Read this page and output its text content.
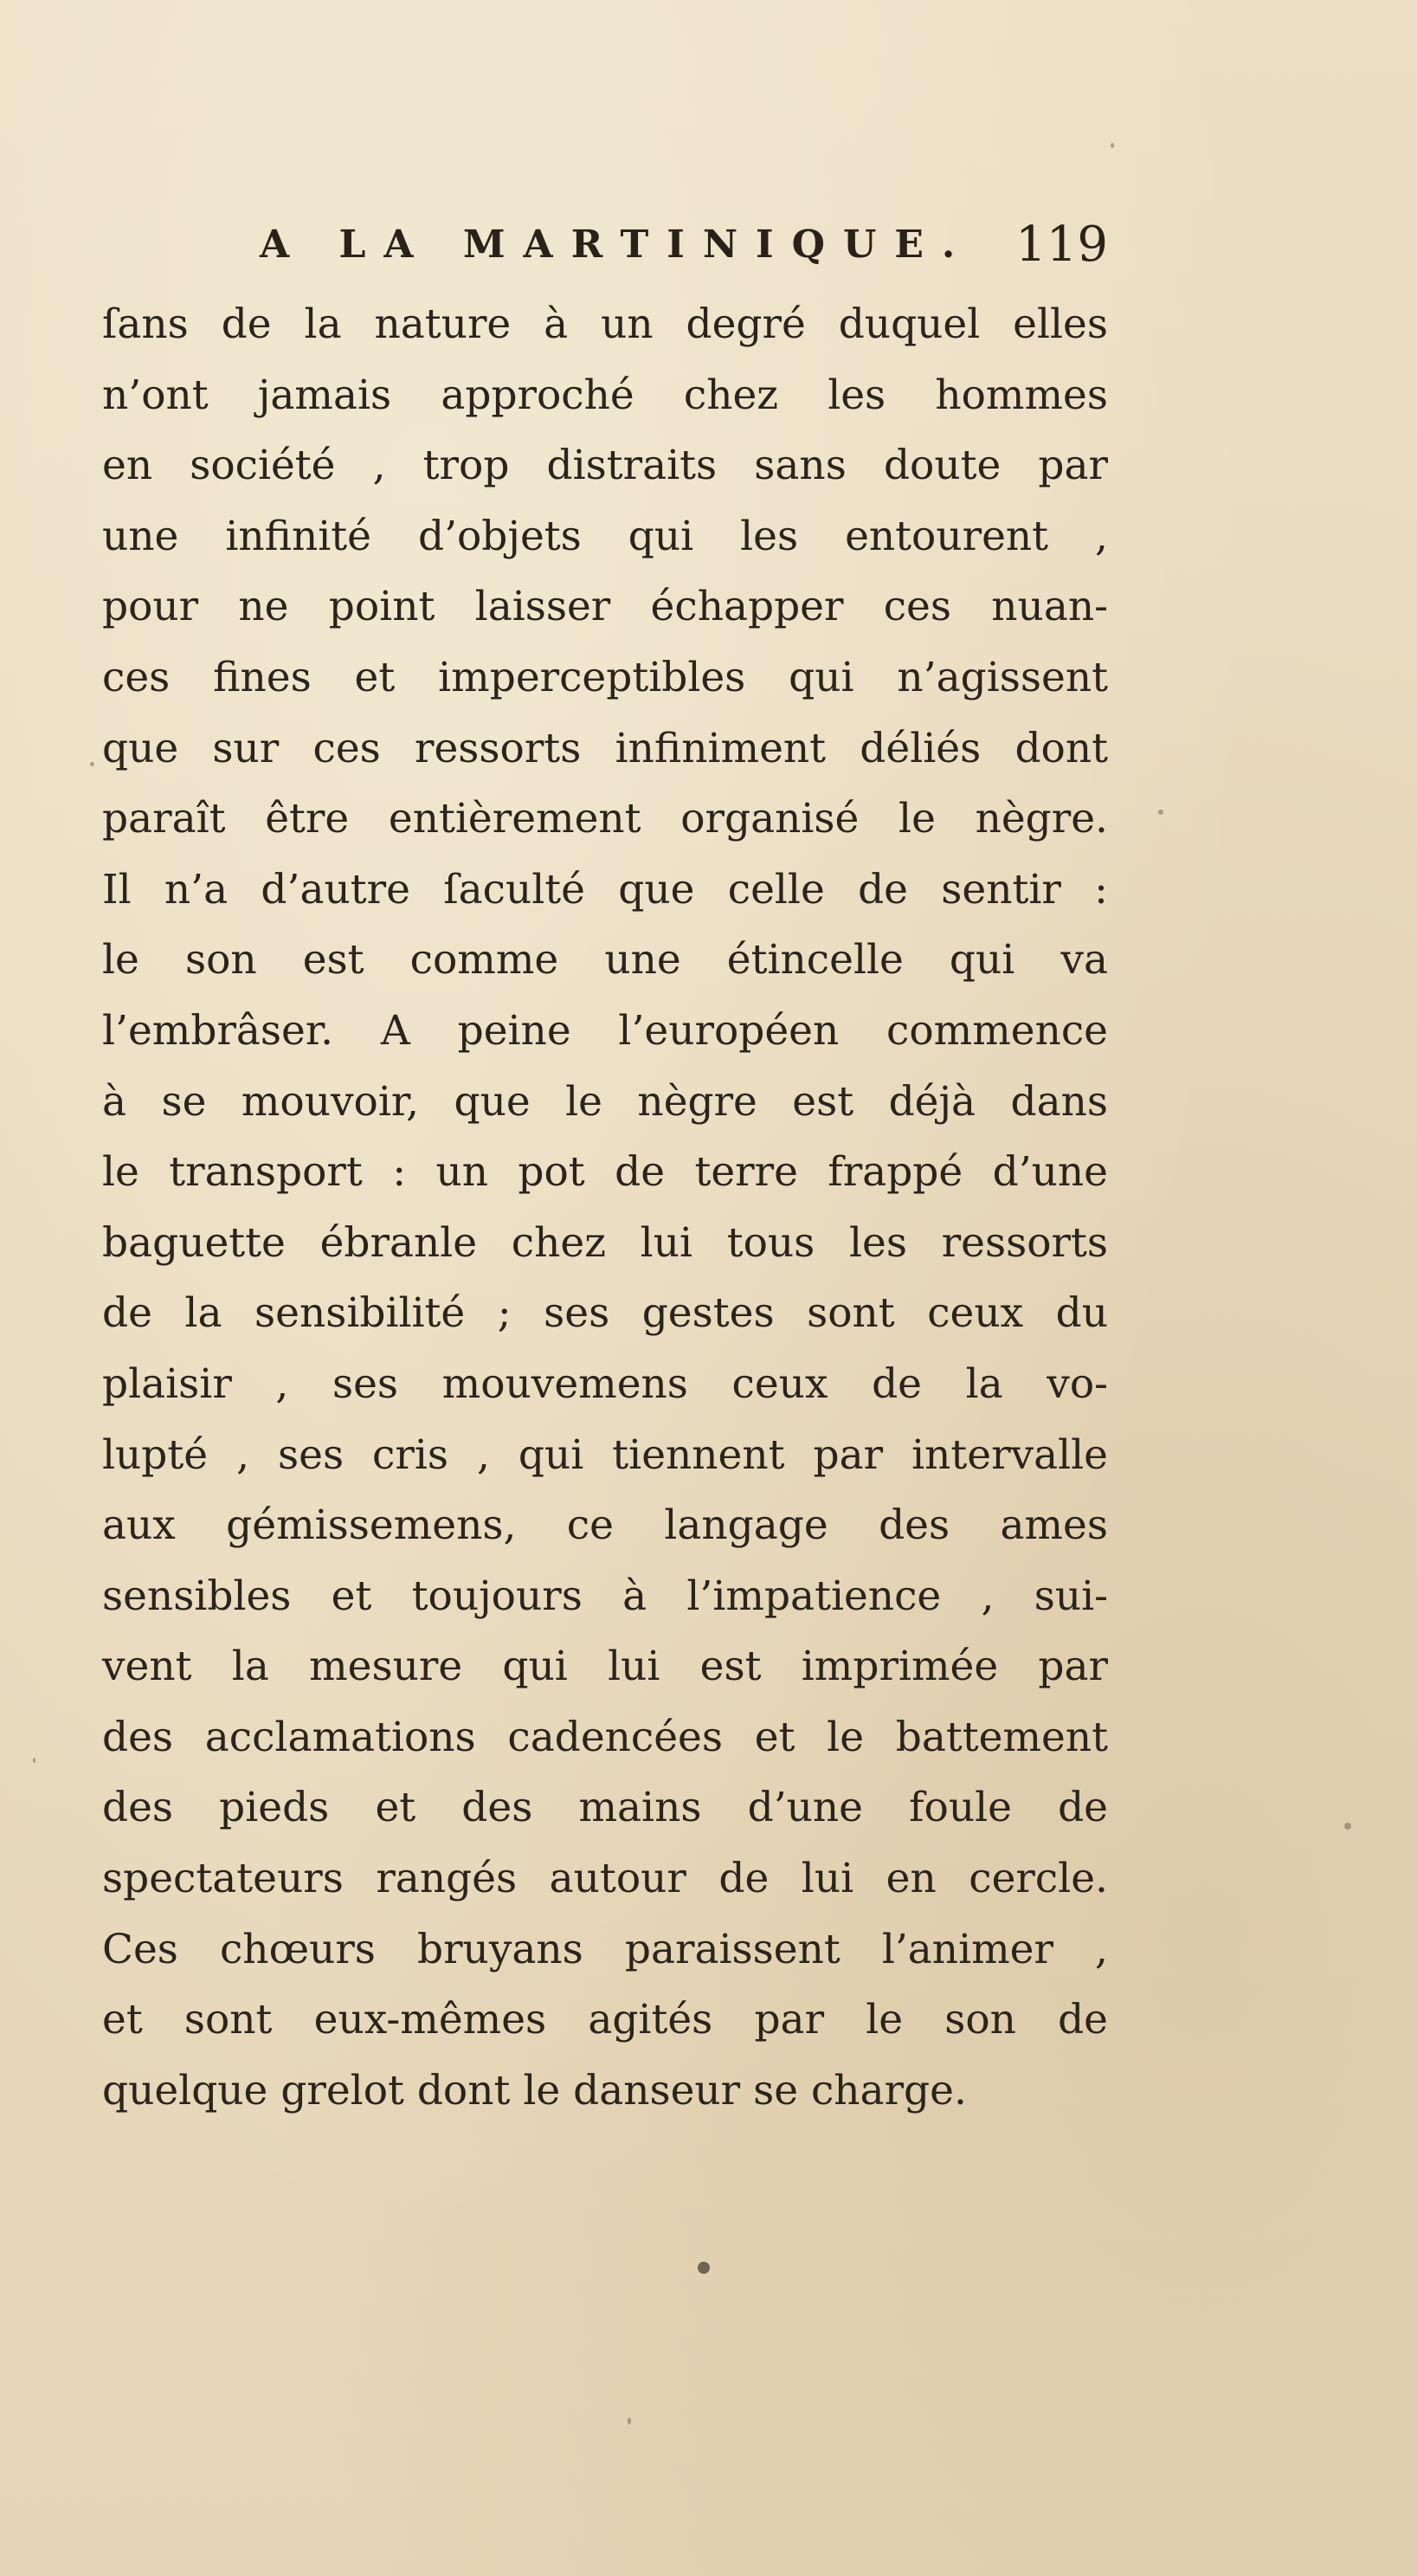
A LA MARTINIQUE. 119
ſans de la nature à un degré duquel elles
n’ont jamais approché chez les hommes
en société , trop distraits sans doute par
une infinité d’objets qui les entourent ,
pour ne point laisser échapper ces nuan-
ces fines et imperceptibles qui n’agissent
que sur ces ressorts infiniment déliés dont
paraît être entièrement organisé le nègre.
Il n’a d’autre ſaculté que celle de sentir :
le son est comme une étincelle qui va
l’embrâser. A peine l’européen commence
à se mouvoir, que le nègre est déjà dans
le transport : un pot de terre frappé d’une
baguette ébranle chez lui tous les ressorts
de la sensibilité ; ses gestes sont ceux du
plaisir , ses mouvemens ceux de la vo-
lupté , ses cris , qui tiennent par intervalle
aux gémissemens, ce langage des ames
sensibles et toujours à l’impatience , sui-
vent la mesure qui lui est imprimée par
des acclamations cadencées et le battement
des pieds et des mains d’une foule de
spectateurs rangés autour de lui en cercle.
Ces chœurs bruyans paraissent l’animer ,
et sont eux-mêmes agités par le son de
quelque grelot dont le danseur se charge.
